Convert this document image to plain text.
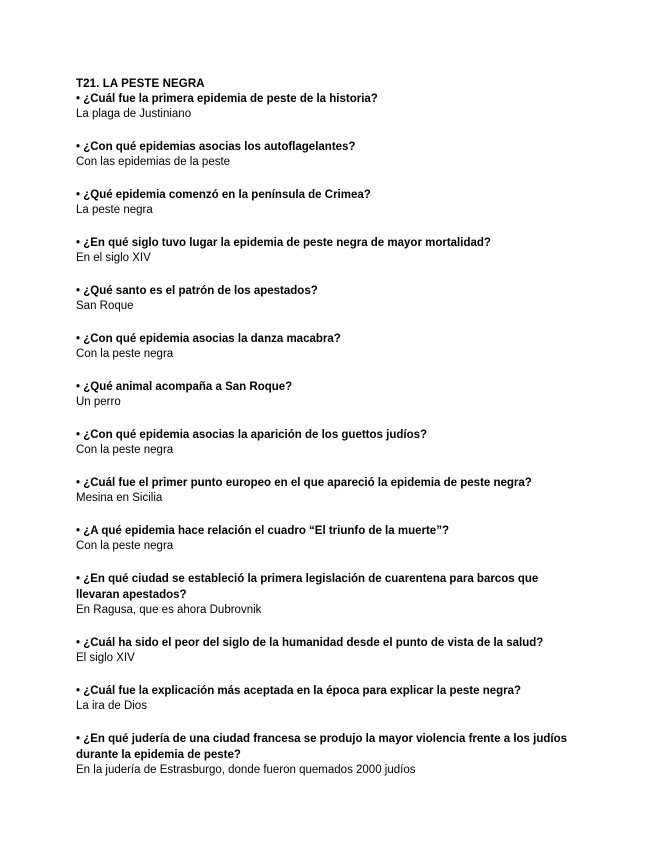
T21. LA PESTE NEGRA

• ¿Cuál fue la primera epidemia de peste de la historia?

La plaga de Justiniano

• ¿Con qué epidemias asocias los autoflagelantes?

Con las epidemias de la peste

• ¿Qué epidemia comenzó en la península de Crimea?

La peste negra

• ¿En qué siglo tuvo lugar la epidemia de peste negra de mayor mortalidad?

En el siglo XIV

• ¿Qué santo es el patrón de los apestados?

San Roque

• ¿Con qué epidemia asocias la danza macabra?

Con la peste negra

• ¿Qué animal acompaña a San Roque?

Un perro

• ¿Con qué epidemia asocias la aparición de los guettos judíos?

Con la peste negra

• ¿Cuál fue el primer punto europeo en el que apareció la epidemia de peste negra?

Mesina en Sicilia

• ¿A qué epidemia hace relación el cuadro “El triunfo de la muerte”?

Con la peste negra

• ¿En qué ciudad se estableció la primera legislación de cuarentena para barcos que llevaran apestados?

En Ragusa, que es ahora Dubrovnik

• ¿Cuál ha sido el peor del siglo de la humanidad desde el punto de vista de la salud?

El siglo XIV

• ¿Cuál fue la explicación más aceptada en la época para explicar la peste negra?

La ira de Dios

• ¿En qué judería de una ciudad francesa se produjo la mayor violencia frente a los judíos durante la epidemia de peste?

En la judería de Estrasburgo, donde fueron quemados 2000 judíos
